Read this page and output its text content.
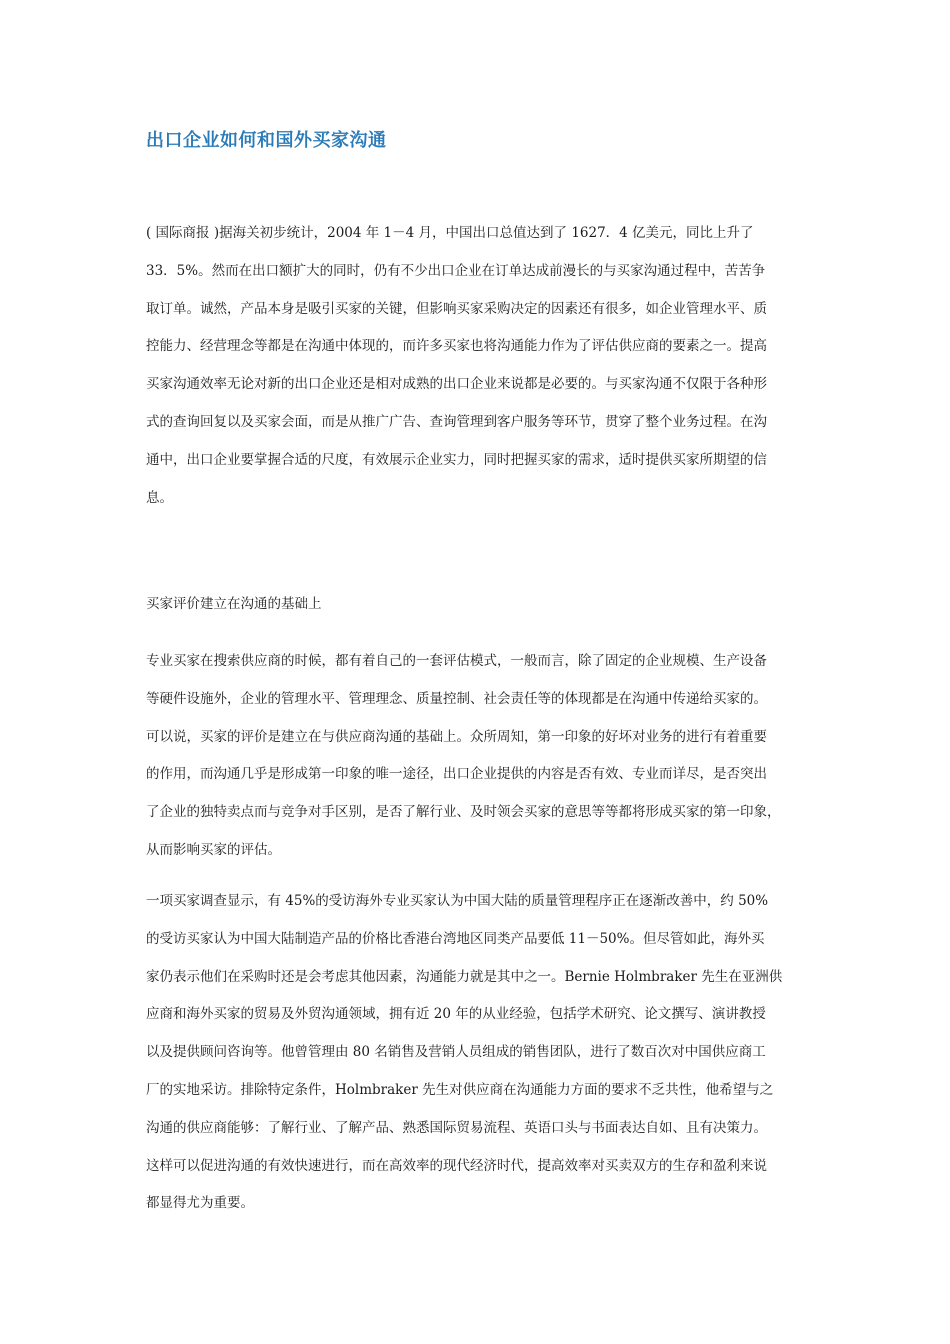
出口企业如何和国外买家沟通
( 国际商报 )据海关初步统计，2004 年 1－4 月，中国出口总值达到了 1627．4 亿美元，同比上升了
33．5%。然而在出口额扩大的同时，仍有不少出口企业在订单达成前漫长的与买家沟通过程中，苦苦争
取订单。诚然，产品本身是吸引买家的关键，但影响买家采购决定的因素还有很多，如企业管理水平、质
控能力、经营理念等都是在沟通中体现的，而许多买家也将沟通能力作为了评估供应商的要素之一。提高
买家沟通效率无论对新的出口企业还是相对成熟的出口企业来说都是必要的。与买家沟通不仅限于各种形
式的查询回复以及买家会面，而是从推广广告、查询管理到客户服务等环节，贯穿了整个业务过程。在沟
通中，出口企业要掌握合适的尺度，有效展示企业实力，同时把握买家的需求，适时提供买家所期望的信
息。
买家评价建立在沟通的基础上
专业买家在搜索供应商的时候，都有着自己的一套评估模式，一般而言，除了固定的企业规模、生产设备
等硬件设施外，企业的管理水平、管理理念、质量控制、社会责任等的体现都是在沟通中传递给买家的。
可以说，买家的评价是建立在与供应商沟通的基础上。众所周知，第一印象的好坏对业务的进行有着重要
的作用，而沟通几乎是形成第一印象的唯一途径，出口企业提供的内容是否有效、专业而详尽，是否突出
了企业的独特卖点而与竞争对手区别，是否了解行业、及时领会买家的意思等等都将形成买家的第一印象，
从而影响买家的评估。
一项买家调查显示，有 45%的受访海外专业买家认为中国大陆的质量管理程序正在逐渐改善中，约 50%
的受访买家认为中国大陆制造产品的价格比香港台湾地区同类产品要低 11－50%。但尽管如此，海外买
家仍表示他们在采购时还是会考虑其他因素，沟通能力就是其中之一。Bernie Holmbraker 先生在亚洲供
应商和海外买家的贸易及外贸沟通领域，拥有近 20 年的从业经验，包括学术研究、论文撰写、演讲教授
以及提供顾问咨询等。他曾管理由 80 名销售及营销人员组成的销售团队，进行了数百次对中国供应商工
厂的实地采访。排除特定条件，Holmbraker 先生对供应商在沟通能力方面的要求不乏共性，他希望与之
沟通的供应商能够：了解行业、了解产品、熟悉国际贸易流程、英语口头与书面表达自如、且有决策力。
这样可以促进沟通的有效快速进行，而在高效率的现代经济时代，提高效率对买卖双方的生存和盈利来说
都显得尤为重要。
